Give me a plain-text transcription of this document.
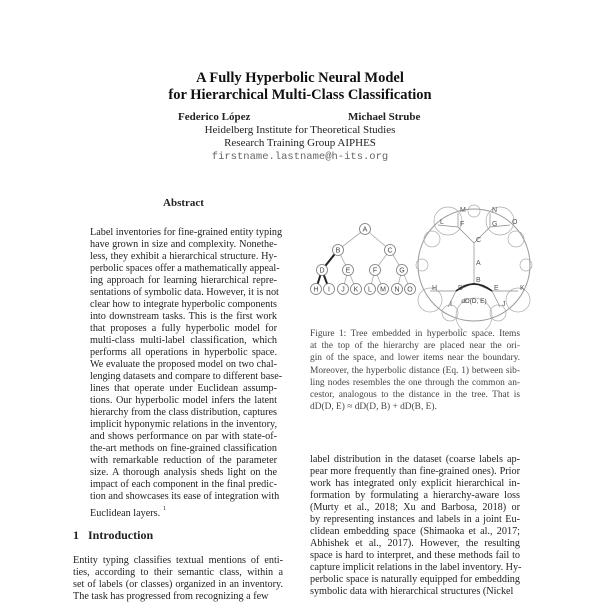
A Fully Hyperbolic Neural Model
for Hierarchical Multi-Class Classification
Federico López	Michael Strube
Heidelberg Institute for Theoretical Studies
Research Training Group AIPHES
firstname.lastname@h-its.org
Abstract
Label inventories for fine-grained entity typing
have grown in size and complexity. Nonethe-
less, they exhibit a hierarchical structure. Hy-
perbolic spaces offer a mathematically appeal-
ing approach for learning hierarchical repre-
sentations of symbolic data. However, it is not
clear how to integrate hyperbolic components
into downstream tasks. This is the first work
that proposes a fully hyperbolic model for
multi-class multi-label classification, which
performs all operations in hyperbolic space.
We evaluate the proposed model on two chal-
lenging datasets and compare to different base-
lines that operate under Euclidean assump-
tions. Our hyperbolic model infers the latent
hierarchy from the class distribution, captures
implicit hyponymic relations in the inventory,
and shows performance on par with state-of-
the-art methods on fine-grained classification
with remarkable reduction of the parameter
size. A thorough analysis sheds light on the
impact of each component in the final predic-
tion and showcases its ease of integration with
Euclidean layers. $^1$
1 Introduction
Entity typing classifies textual mentions of enti-
ties, according to their semantic class, within a
set of labels (or classes) organized in an inventory.
The task has progressed from recognizing a few
A
B	C
D	E	F	G
H I J K L M N O
A
B
C
F	G
D	E
H
I	J
K
L
M	N
O
dD(D, E)
Figure 1: Tree embedded in hyperbolic space. Items
at the top of the hierarchy are placed near the ori-
gin of the space, and lower items near the boundary.
Moreover, the hyperbolic distance (Eq. 1) between sib-
ling nodes resembles the one through the common an-
cestor, analogous to the distance in the tree. That is
dD(D, E) ≈ dD(D, B) + dD(B, E).
label distribution in the dataset (coarse labels ap-
pear more frequently than fine-grained ones). Prior
work has integrated only explicit hierarchical in-
formation by formulating a hierarchy-aware loss
(Murty et al., 2018; Xu and Barbosa, 2018) or
by representing instances and labels in a joint Eu-
clidean embedding space (Shimaoka et al., 2017;
Abhishek et al., 2017). However, the resulting
space is hard to interpret, and these methods fail to
capture implicit relations in the label inventory. Hy-
perbolic space is naturally equipped for embedding
symbolic data with hierarchical structures (Nickel
